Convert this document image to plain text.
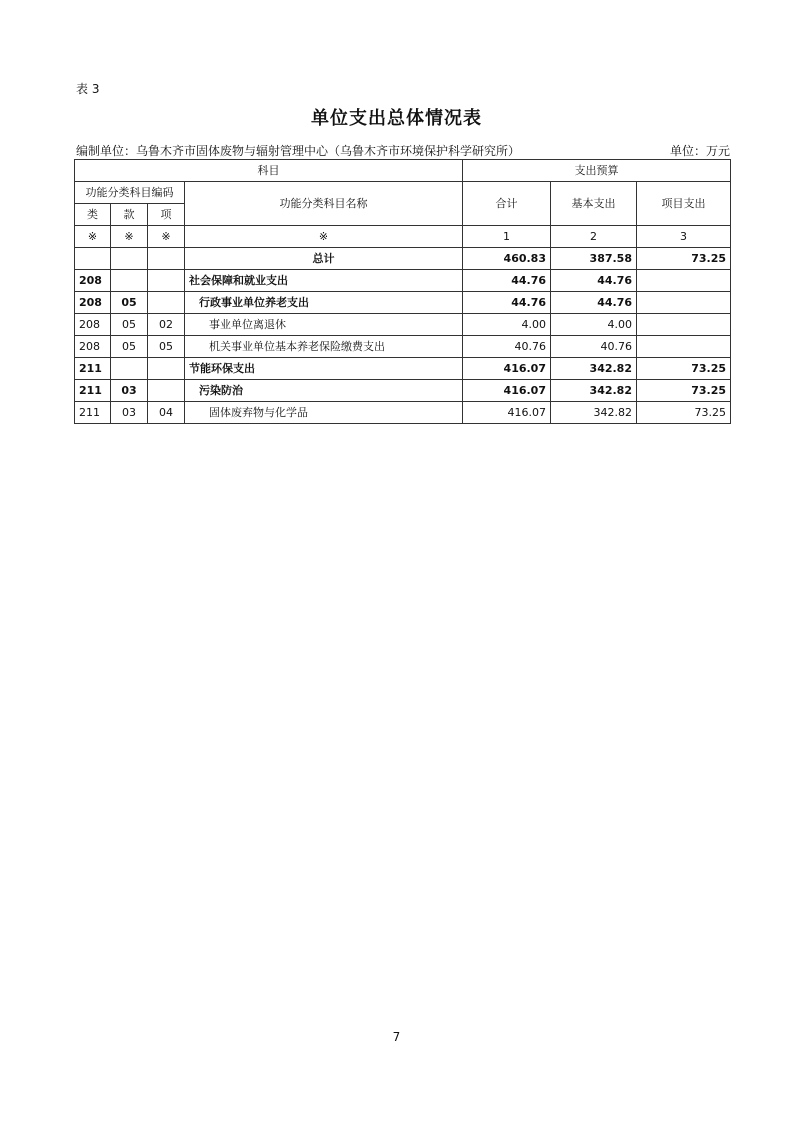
表 3
单位支出总体情况表
编制单位：乌鲁木齐市固体废物与辐射管理中心（乌鲁木齐市环境保护科学研究所）	单位：万元
科目				支出预算		
功能分类科目编码			功能分类科目名称	合计	基本支出	项目支出
类	款	项				
※	※	※	※	1	2	3
			总计	460.83	387.58	73.25
208			社会保障和就业支出	44.76	44.76	
208	05		行政事业单位养老支出	44.76	44.76	
208	05	02	事业单位离退休	4.00	4.00	
208	05	05	机关事业单位基本养老保险缴费支出	40.76	40.76	
211			节能环保支出	416.07	342.82	73.25
211	03		污染防治	416.07	342.82	73.25
211	03	04	固体废弃物与化学品	416.07	342.82	73.25
7
